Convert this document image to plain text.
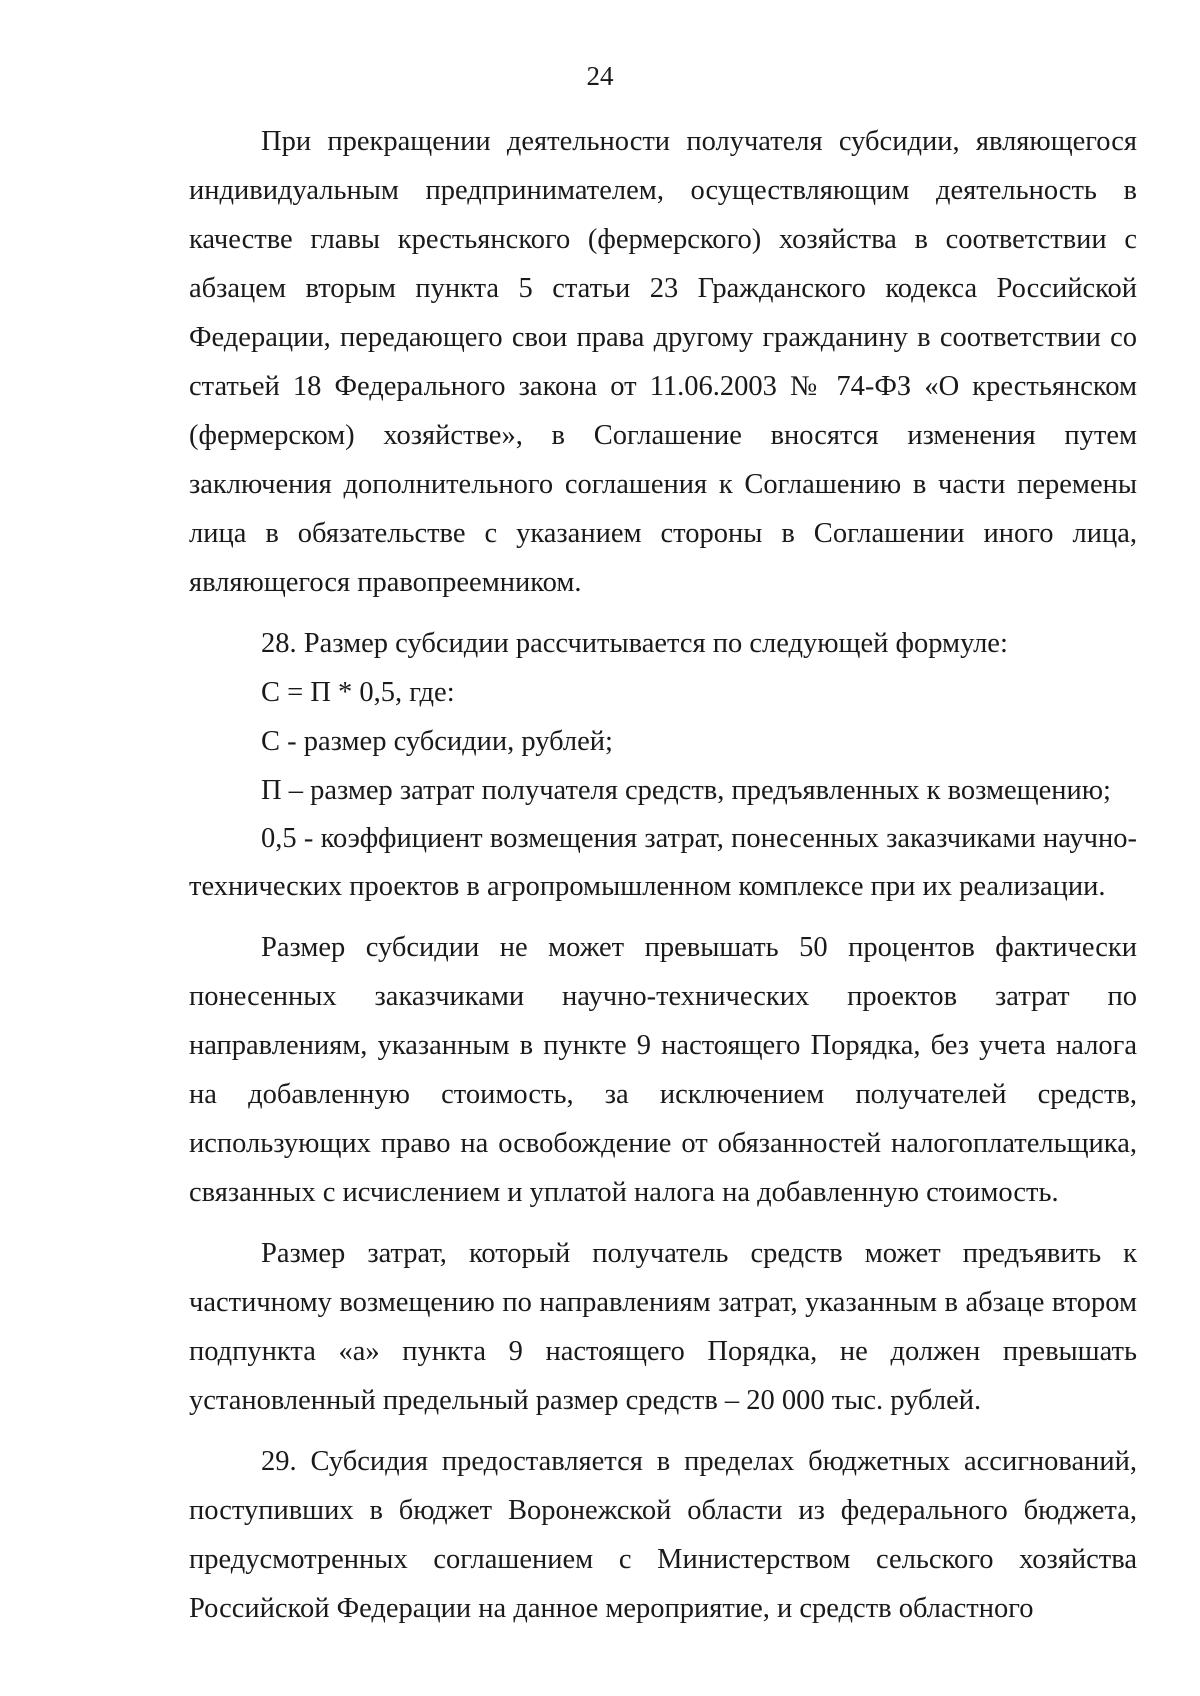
24

При прекращении деятельности получателя субсидии, являющегося индивидуальным предпринимателем, осуществляющим деятельность в качестве главы крестьянского (фермерского) хозяйства в соответствии с абзацем вторым пункта 5 статьи 23 Гражданского кодекса Российской Федерации, передающего свои права другому гражданину в соответствии со статьей 18 Федерального закона от 11.06.2003 № 74-ФЗ «О крестьянском (фермерском) хозяйстве», в Соглашение вносятся изменения путем заключения дополнительного соглашения к Соглашению в части перемены лица в обязательстве с указанием стороны в Соглашении иного лица, являющегося правопреемником.

28. Размер субсидии рассчитывается по следующей формуле:

С = П * 0,5, где:

С - размер субсидии, рублей;

П – размер затрат получателя средств, предъявленных к возмещению;

0,5 - коэффициент возмещения затрат, понесенных заказчиками научно-технических проектов в агропромышленном комплексе при их реализации.

Размер субсидии не может превышать 50 процентов фактически понесенных заказчиками научно-технических проектов затрат по направлениям, указанным в пункте 9 настоящего Порядка, без учета налога на добавленную стоимость, за исключением получателей средств, использующих право на освобождение от обязанностей налогоплательщика, связанных с исчислением и уплатой налога на добавленную стоимость.

Размер затрат, который получатель средств может предъявить к частичному возмещению по направлениям затрат, указанным в абзаце втором подпункта «а» пункта 9 настоящего Порядка, не должен превышать установленный предельный размер средств – 20 000 тыс. рублей.

29. Субсидия предоставляется в пределах бюджетных ассигнований, поступивших в бюджет Воронежской области из федерального бюджета, предусмотренных соглашением с Министерством сельского хозяйства Российской Федерации на данное мероприятие, и средств областного
